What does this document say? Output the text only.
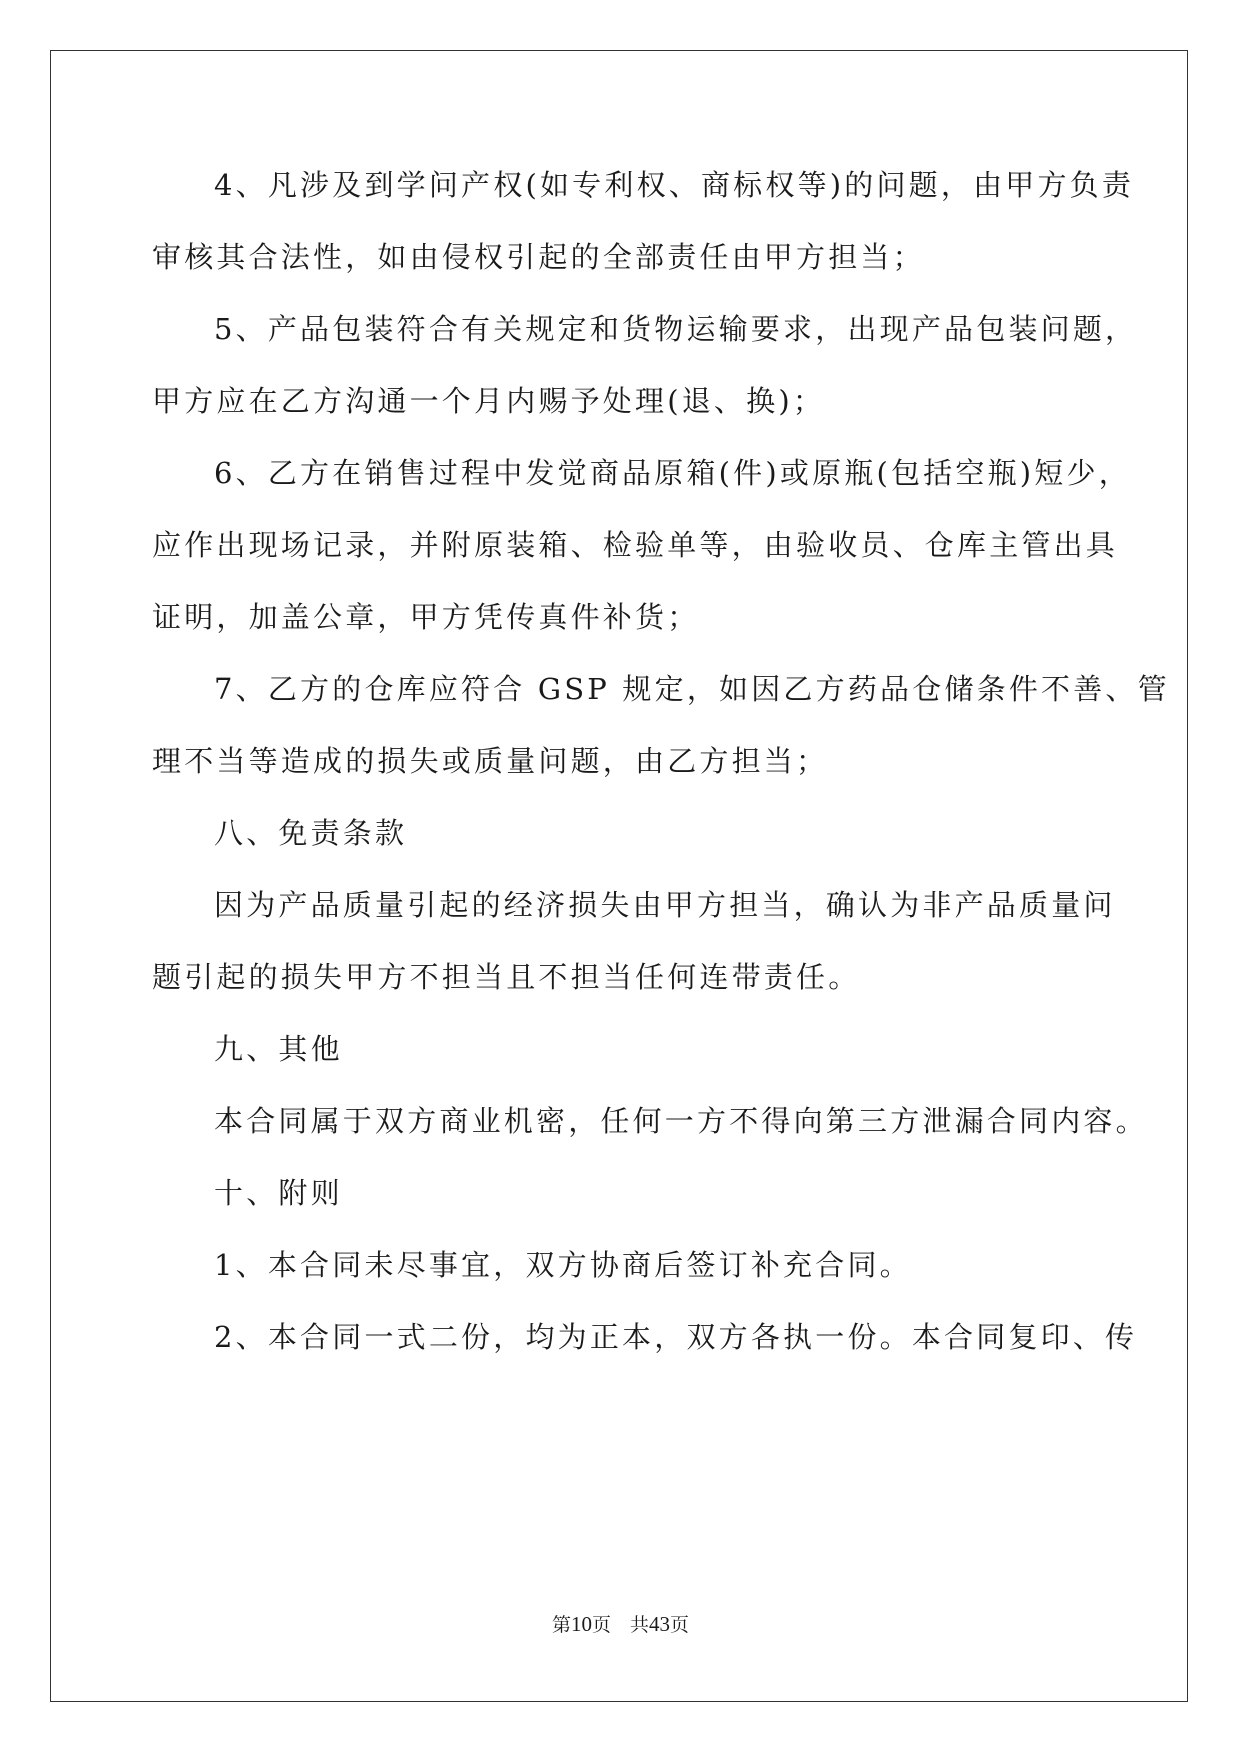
4、凡涉及到学问产权(如专利权、商标权等)的问题，由甲方负责
审核其合法性，如由侵权引起的全部责任由甲方担当；
5、产品包装符合有关规定和货物运输要求，出现产品包装问题，
甲方应在乙方沟通一个月内赐予处理(退、换)；
6、乙方在销售过程中发觉商品原箱(件)或原瓶(包括空瓶)短少，
应作出现场记录，并附原装箱、检验单等，由验收员、仓库主管出具
证明，加盖公章，甲方凭传真件补货；
7、乙方的仓库应符合 GSP 规定，如因乙方药品仓储条件不善、管
理不当等造成的损失或质量问题，由乙方担当；
八、免责条款
因为产品质量引起的经济损失由甲方担当，确认为非产品质量问
题引起的损失甲方不担当且不担当任何连带责任。
九、其他
本合同属于双方商业机密，任何一方不得向第三方泄漏合同内容。
十、附则
1、本合同未尽事宜，双方协商后签订补充合同。
2、本合同一式二份，均为正本，双方各执一份。本合同复印、传
第10页　共43页
